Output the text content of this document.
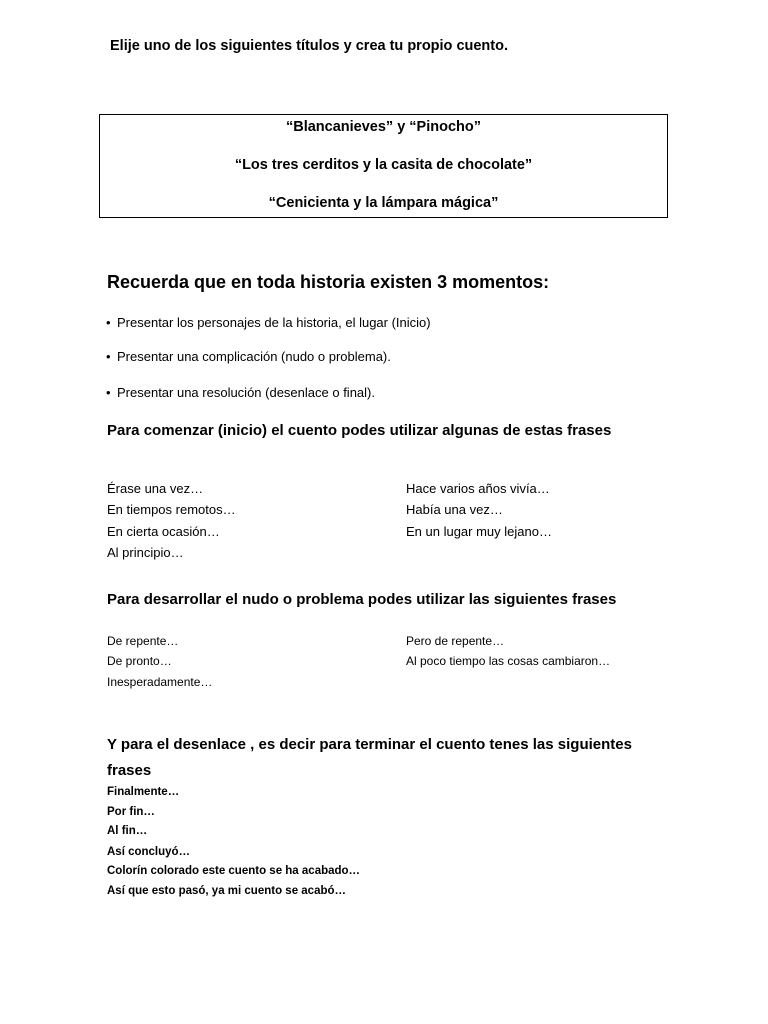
Elije uno de los siguientes títulos y crea tu propio cuento.
“Blancanieves” y “Pinocho”
“Los tres cerditos y la casita de chocolate”
“Cenicienta y la lámpara mágica”
Recuerda que en toda historia existen 3 momentos:
• Presentar los personajes de la historia, el lugar (Inicio)
• Presentar una complicación (nudo o problema).
• Presentar una resolución (desenlace o final).
Para comenzar (inicio) el cuento podes utilizar algunas de estas frases
Érase una vez…
En tiempos remotos…
En cierta ocasión…
Al principio…
Hace varios años vivía…
Había una vez…
En un lugar muy lejano…
Para desarrollar el nudo o problema podes utilizar las siguientes frases
De repente…
De pronto…
Inesperadamente…
Pero de repente…
Al poco tiempo las cosas cambiaron…
Y para el desenlace , es decir para terminar el cuento tenes las siguientes
frases
Finalmente…
Por fin…
Al fin…
Así concluyó…
Colorín colorado este cuento se ha acabado…
Así que esto pasó, ya mi cuento se acabó…
